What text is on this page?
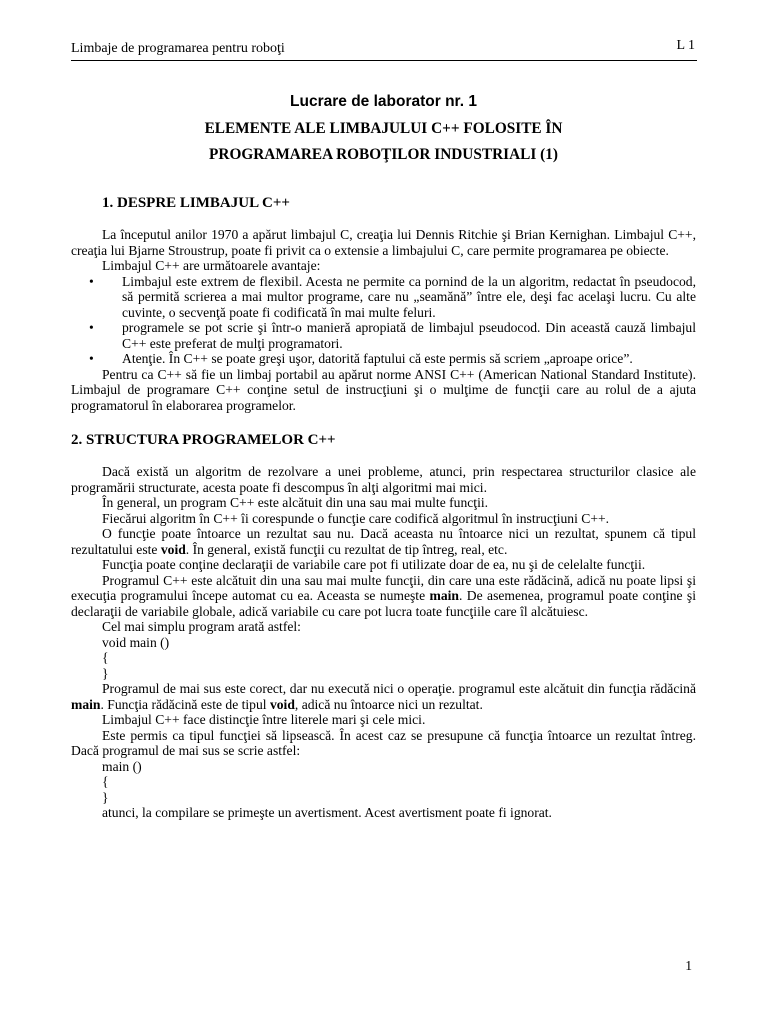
Limbaje de programarea pentru roboţi	L 1

Lucrare de laborator nr. 1

ELEMENTE ALE LIMBAJULUI C++ FOLOSITE ÎN
PROGRAMAREA ROBOŢILOR INDUSTRIALI (1)

1. DESPRE LIMBAJUL C++

La începutul anilor 1970 a apărut limbajul C, creaţia lui Dennis Ritchie şi Brian Kernighan. Limbajul C++, creaţia lui Bjarne Stroustrup, poate fi privit ca o extensie a limbajului C, care permite programarea pe obiecte.

Limbajul C++ are următoarele avantaje:

• Limbajul este extrem de flexibil. Acesta ne permite ca pornind de la un algoritm, redactat în pseudocod, să permită scrierea a mai multor programe, care nu „seamănă” între ele, deşi fac acelaşi lucru. Cu alte cuvinte, o secvenţă poate fi codificată în mai multe feluri.
• programele se pot scrie şi într-o manieră apropiată de limbajul pseudocod. Din această cauză limbajul C++ este preferat de mulţi programatori.
• Atenţie. În C++ se poate greşi uşor, datorită faptului că este permis să scriem „aproape orice”.

Pentru ca C++ să fie un limbaj portabil au apărut norme ANSI C++ (American National Standard Institute). Limbajul de programare C++ conţine setul de instrucţiuni şi o mulţime de funcţii care au rolul de a ajuta programatorul în elaborarea programelor.

2. STRUCTURA PROGRAMELOR C++

Dacă există un algoritm de rezolvare a unei probleme, atunci, prin respectarea structurilor clasice ale programării structurate, acesta poate fi descompus în alţi algoritmi mai mici.

În general, un program C++ este alcătuit din una sau mai multe funcţii.

Fiecărui algoritm în C++ îi corespunde o funcţie care codifică algoritmul în instrucţiuni C++.

O funcţie poate întoarce un rezultat sau nu. Dacă aceasta nu întoarce nici un rezultat, spunem că tipul rezultatului este void. În general, există funcţii cu rezultat de tip întreg, real, etc.

Funcţia poate conţine declaraţii de variabile care pot fi utilizate doar de ea, nu şi de celelalte funcţii.

Programul C++ este alcătuit din una sau mai multe funcţii, din care una este rădăcină, adică nu poate lipsi şi execuţia programului începe automat cu ea. Aceasta se numeşte main. De asemenea, programul poate conţine şi declaraţii de variabile globale, adică variabile cu care pot lucra toate funcţiile care îl alcătuiesc.

Cel mai simplu program arată astfel:

void main ()
{
}

Programul de mai sus este corect, dar nu execută nici o operaţie. programul este alcătuit din funcţia rădăcină main. Funcţia rădăcină este de tipul void, adică nu întoarce nici un rezultat.

Limbajul C++ face distincţie între literele mari şi cele mici.

Este permis ca tipul funcţiei să lipsească. În acest caz se presupune că funcţia întoarce un rezultat întreg. Dacă programul de mai sus se scrie astfel:

main ()
{
}

atunci, la compilare se primeşte un avertisment. Acest avertisment poate fi ignorat.

1
